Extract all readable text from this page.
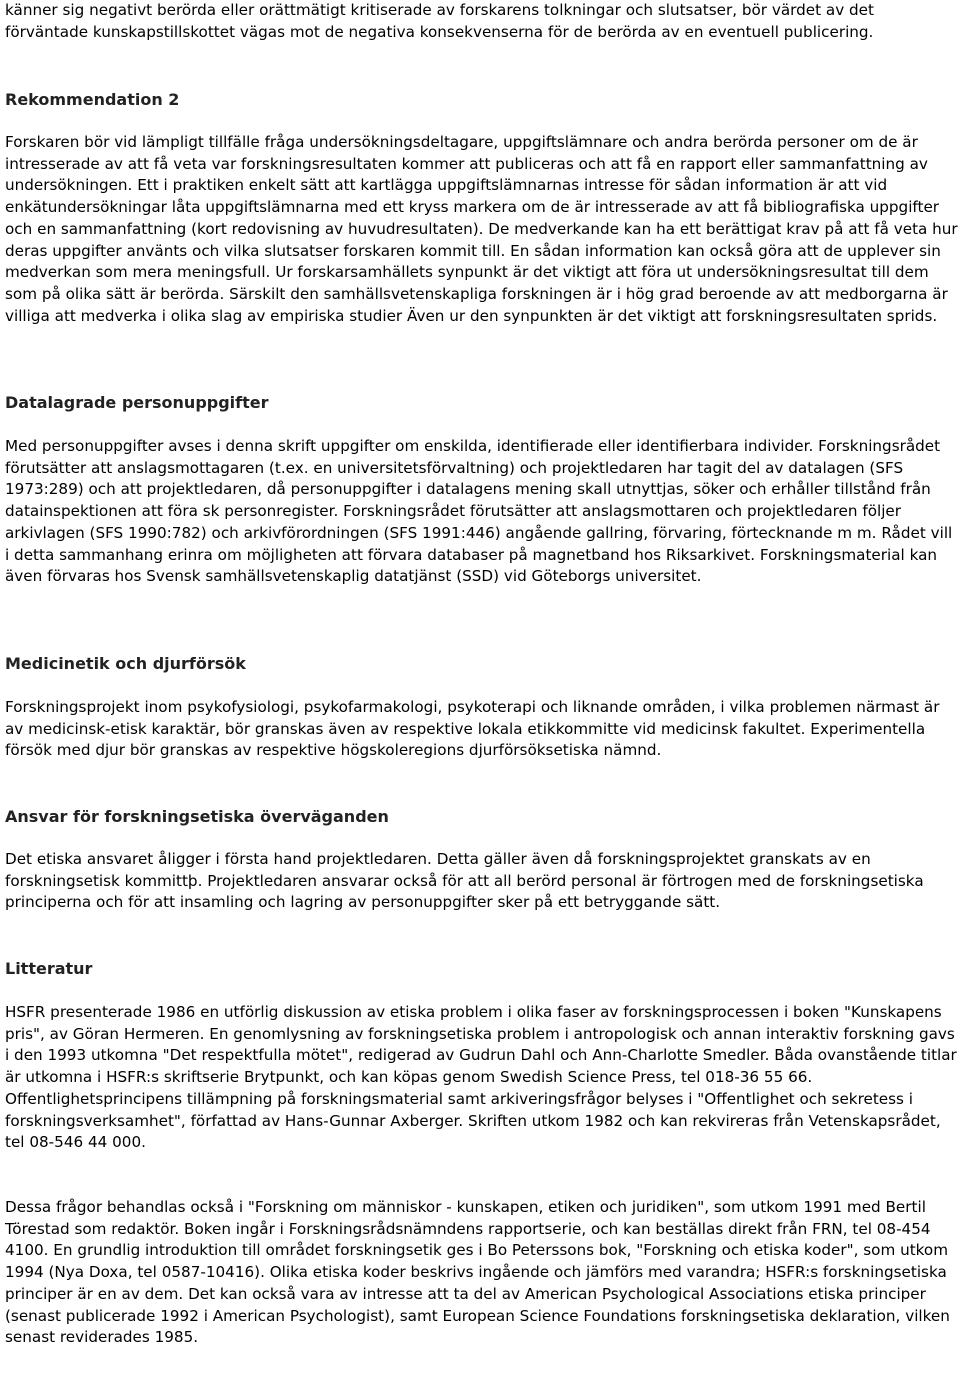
känner sig negativt berörda eller orättmätigt kritiserade av forskarens tolkningar och slutsatser, bör värdet av det förväntade kunskapstillskottet vägas mot de negativa konsekvenserna för de berörda av en eventuell publicering.

Rekommendation 2

Forskaren bör vid lämpligt tillfälle fråga undersökningsdeltagare, uppgiftslämnare och andra berörda personer om de är intresserade av att få veta var forskningsresultaten kommer att publiceras och att få en rapport eller sammanfattning av undersökningen. Ett i praktiken enkelt sätt att kartlägga uppgiftslämnarnas intresse för sådan information är att vid enkätundersökningar låta uppgiftslämnarna med ett kryss markera om de är intresserade av att få bibliografiska uppgifter och en sammanfattning (kort redovisning av huvudresultaten). De medverkande kan ha ett berättigat krav på att få veta hur deras uppgifter använts och vilka slutsatser forskaren kommit till. En sådan information kan också göra att de upplever sin medverkan som mera meningsfull. Ur forskarsamhällets synpunkt är det viktigt att föra ut undersökningsresultat till dem som på olika sätt är berörda. Särskilt den samhällsvetenskapliga forskningen är i hög grad beroende av att medborgarna är villiga att medverka i olika slag av empiriska studier Även ur den synpunkten är det viktigt att forskningsresultaten sprids.

Datalagrade personuppgifter

Med personuppgifter avses i denna skrift uppgifter om enskilda, identifierade eller identifierbara individer. Forskningsrådet förutsätter att anslagsmottagaren (t.ex. en universitetsförvaltning) och projektledaren har tagit del av datalagen (SFS 1973:289) och att projektledaren, då personuppgifter i datalagens mening skall utnyttjas, söker och erhåller tillstånd från datainspektionen att föra sk personregister. Forskningsrådet förutsätter att anslagsmottaren och projektledaren följer arkivlagen (SFS 1990:782) och arkivförordningen (SFS 1991:446) angående gallring, förvaring, förtecknande m m. Rådet vill i detta sammanhang erinra om möjligheten att förvara databaser på magnetband hos Riksarkivet. Forskningsmaterial kan även förvaras hos Svensk samhällsvetenskaplig datatjänst (SSD) vid Göteborgs universitet.

Medicinetik och djurförsök

Forskningsprojekt inom psykofysiologi, psykofarmakologi, psykoterapi och liknande områden, i vilka problemen närmast är av medicinsk-etisk karaktär, bör granskas även av respektive lokala etikkommitte vid medicinsk fakultet. Experimentella försök med djur bör granskas av respektive högskoleregions djurförsöksetiska nämnd.

Ansvar för forskningsetiska överväganden

Det etiska ansvaret åligger i första hand projektledaren. Detta gäller även då forskningsprojektet granskats av en forskningsetisk kommittþ. Projektledaren ansvarar också för att all berörd personal är förtrogen med de forskningsetiska principerna och för att insamling och lagring av personuppgifter sker på ett betryggande sätt.

Litteratur

HSFR presenterade 1986 en utförlig diskussion av etiska problem i olika faser av forskningsprocessen i boken "Kunskapens pris", av Göran Hermeren. En genomlysning av forskningsetiska problem i antropologisk och annan interaktiv forskning gavs i den 1993 utkomna "Det respektfulla mötet", redigerad av Gudrun Dahl och Ann-Charlotte Smedler. Båda ovanstående titlar är utkomna i HSFR:s skriftserie Brytpunkt, och kan köpas genom Swedish Science Press, tel 018-36 55 66. Offentlighetsprincipens tillämpning på forskningsmaterial samt arkiveringsfrågor belyses i "Offentlighet och sekretess i forskningsverksamhet", författad av Hans-Gunnar Axberger. Skriften utkom 1982 och kan rekvireras från Vetenskapsrådet, tel 08-546 44 000.

Dessa frågor behandlas också i "Forskning om människor - kunskapen, etiken och juridiken", som utkom 1991 med Bertil Törestad som redaktör. Boken ingår i Forskningsrådsnämndens rapportserie, och kan beställas direkt från FRN, tel 08-454 4100. En grundlig introduktion till området forskningsetik ges i Bo Peterssons bok, "Forskning och etiska koder", som utkom 1994 (Nya Doxa, tel 0587-10416). Olika etiska koder beskrivs ingående och jämförs med varandra; HSFR:s forskningsetiska principer är en av dem. Det kan också vara av intresse att ta del av American Psychological Associations etiska principer (senast publicerade 1992 i American Psychologist), samt European Science Foundations forskningsetiska deklaration, vilken senast reviderades 1985.
